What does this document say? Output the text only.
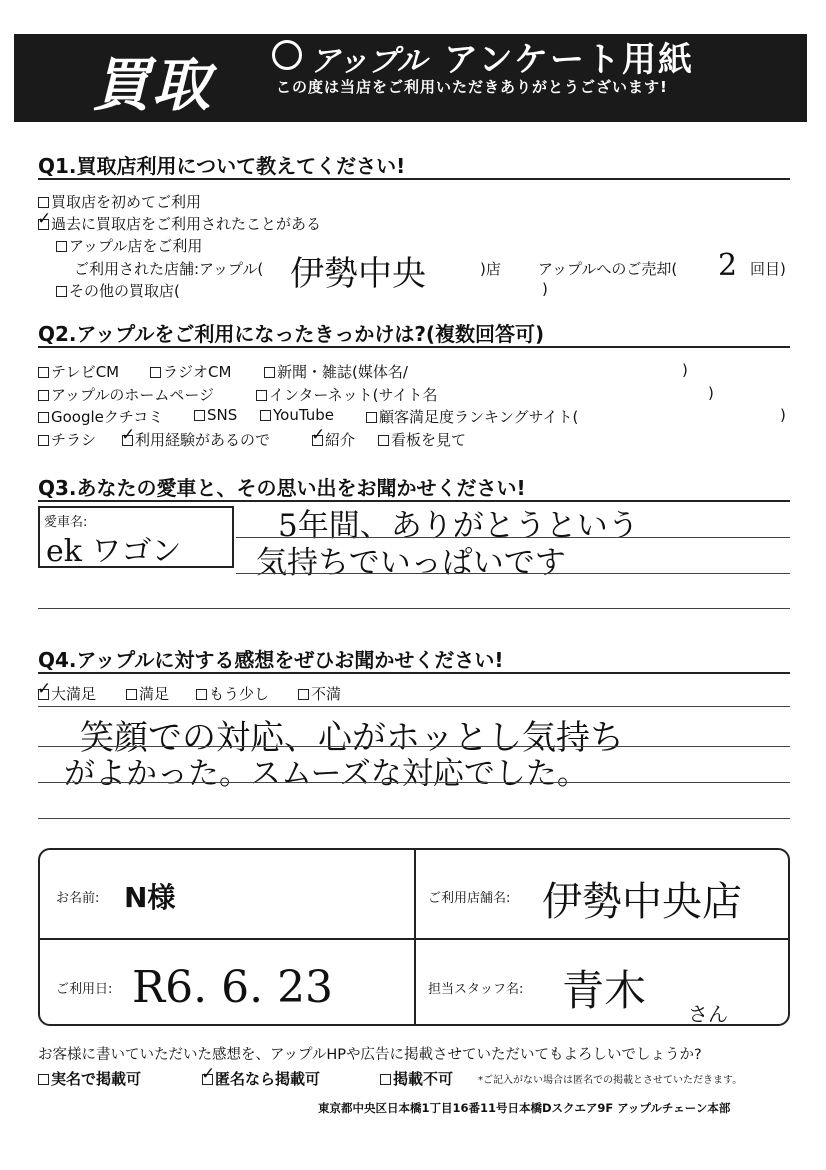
買取	アップル アンケート用紙
この度は当店をご利用いただきありがとうございます!
Q1.買取店利用について教えてください!
買取店を初めてご利用
✓過去に買取店をご利用されたことがある
アップル店をご利用
ご利用された店舗:アップル( 伊勢中央	)店 アップルへのご売却( 2 回目)
その他の買取店(	)
Q2.アップルをご利用になったきっかけは?(複数回答可)
テレビCM	ラジオCM	新聞・雑誌(媒体名/	)
アップルのホームページ	インターネット(サイト名	)
Googleクチコミ	SNS	YouTube	顧客満足度ランキングサイト(	)
チラシ ✓	利用経験があるので ✓	紹介	看板を見て
Q3.あなたの愛車と、その思い出をお聞かせください!
愛車名:
ek ワゴン
5年間、ありがとうという
気持ちでいっぱいです
Q4.アップルに対する感想をぜひお聞かせください!
✓大満足	満足	もう少し	不満
笑顔での対応、心がホッとし気持ち
がよかった。スムーズな対応でした。
お名前: N様	ご利用店舗名: 伊勢中央店
ご利用日: R6. 6. 23	担当スタッフ名: 青木 さん
お客様に書いていただいた感想を、アップルHPや広告に掲載させていただいてもよろしいでしょうか?
実名で掲載可 ✓	匿名なら掲載可	掲載不可 *ご記入がない場合は匿名での掲載とさせていただきます。
東京都中央区日本橋1丁目16番11号日本橋Dスクエア9F アップルチェーン本部
